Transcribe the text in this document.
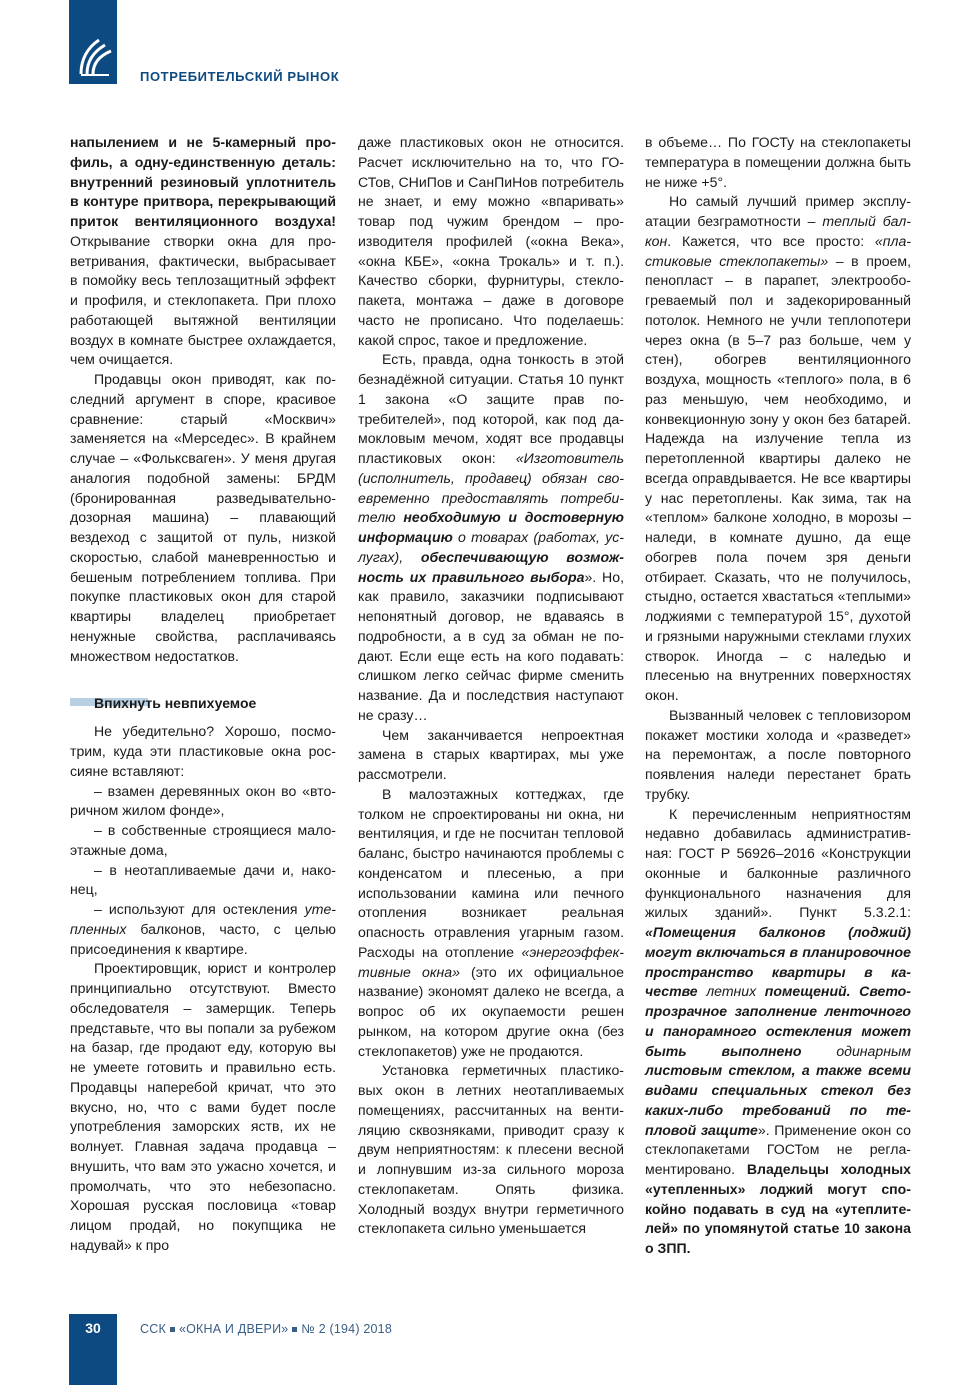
ПОТРЕБИТЕЛЬСКИЙ РЫНОК

напылением и не 5-камерный профиль, а одну-единственную деталь: внутренний резиновый уплотнитель в контуре притвора, перекрывающий приток вентиляционного воздуха! Открывание створки окна для проветривания, фактически, выбрасывает в помойку весь теплозащитный эффект и профиля, и стеклопакета. При плохо работающей вытяжной вентиляции воздух в комнате быстрее охлаждается, чем очищается.

Продавцы окон приводят, как последний аргумент в споре, красивое сравнение: старый «Москвич» заменяется на «Мерседес». В крайнем случае – «Фольксваген». У меня другая аналогия подобной замены: БРДМ (бронированная разведывательно-дозорная машина) – плавающий вездеход с защитой от пуль, низкой скоростью, слабой маневренностью и бешеным потреблением топлива. При покупке пластиковых окон для старой квартиры владелец приобретает ненужные свойства, расплачиваясь множеством недостатков.

Впихнуть невпихуемое

Не убедительно? Хорошо, посмотрим, куда эти пластиковые окна россияне вставляют:

– взамен деревянных окон во «вторичном жилом фонде»,

– в собственные строящиеся малоэтажные дома,

– в неотапливаемые дачи и, наконец,

– используют для остекления утепленных балконов, часто, с целью присоединения к квартире.

Проектировщик, юрист и контролер принципиально отсутствуют. Вместо обследователя – замерщик. Теперь представьте, что вы попали за рубежом на базар, где продают еду, которую вы не умеете готовить и правильно есть. Продавцы наперебой кричат, что это вкусно, но, что с вами будет после употребления заморских яств, их не волнует. Главная задача продавца – внушить, что вам это ужасно хочется, и промолчать, что это небезопасно. Хорошая русская пословица «товар лицом продай, но покупщика не надувай» к про

даже пластиковых окон не относится. Расчет исключительно на то, что ГОСТов, СНиПов и СанПиНов потребитель не знает, и ему можно «впаривать» товар под чужим брендом – производителя профилей («окна Века», «окна КБЕ», «окна Трокаль» и т. п.). Качество сборки, фурнитуры, стеклопакета, монтажа – даже в договоре часто не прописано. Что поделаешь: какой спрос, такое и предложение.

Есть, правда, одна тонкость в этой безнадёжной ситуации. Статья 10 пункт 1 закона «О защите прав потребителей», под которой, как под дамокловым мечом, ходят все продавцы пластиковых окон: «Изготовитель (исполнитель, продавец) обязан своевременно предоставлять потребителю необходимую и достоверную информацию о товарах (работах, услугах), обеспечивающую возможность их правильного выбора». Но, как правило, заказчики подписывают непонятный договор, не вдаваясь в подробности, а в суд за обман не подают. Если еще есть на кого подавать: слишком легко сейчас фирме сменить название. Да и последствия наступают не сразу…

Чем заканчивается непроектная замена в старых квартирах, мы уже рассмотрели.

В малоэтажных коттеджах, где толком не спроектированы ни окна, ни вентиляция, и где не посчитан тепловой баланс, быстро начинаются проблемы с конденсатом и плесенью, а при использовании камина или печного отопления возникает реальная опасность отравления угарным газом. Расходы на отопление «энергоэффективные окна» (это их официальное название) экономят далеко не всегда, а вопрос об их окупаемости решен рынком, на котором другие окна (без стеклопакетов) уже не продаются.

Установка герметичных пластиковых окон в летних неотапливаемых помещениях, рассчитанных на вентиляцию сквозняками, приводит сразу к двум неприятностям: к плесени весной и лопнувшим из-за сильного мороза стеклопакетам. Опять физика. Холодный воздух внутри герметичного стеклопакета сильно уменьшается

в объеме… По ГОСТу на стеклопакеты температура в помещении должна быть не ниже +5°.

Но самый лучший пример эксплуатации безграмотности – теплый балкон. Кажется, что все просто: «пластиковые стеклопакеты» – в проем, пенопласт – в парапет, электрообогреваемый пол и задекорированный потолок. Немного не учли теплопотери через окна (в 5–7 раз больше, чем у стен), обогрев вентиляционного воздуха, мощность «теплого» пола, в 6 раз меньшую, чем необходимо, и конвекционную зону у окон без батарей. Надежда на излучение тепла из перетопленной квартиры далеко не всегда оправдывается. Не все квартиры у нас перетоплены. Как зима, так на «теплом» балконе холодно, в морозы – наледи, в комнате душно, да еще обогрев пола почем зря деньги отбирает. Сказать, что не получилось, стыдно, остается хвастаться «теплыми» лоджиями с температурой 15°, духотой и грязными наружными стеклами глухих створок. Иногда – с наледью и плесенью на внутренних поверхностях окон.

Вызванный человек с тепловизором покажет мостики холода и «разведет» на перемонтаж, а после повторного появления наледи перестанет брать трубку.

К перечисленным неприятностям недавно добавилась административная: ГОСТ Р 56926–2016 «Конструкции оконные и балконные различного функционального назначения для жилых зданий». Пункт 5.3.2.1: «Помещения балконов (лоджий) могут включаться в планировочное пространство квартиры в качестве летних помещений. Светопрозрачное заполнение ленточного и панорамного остекления может быть выполнено одинарным листовым стеклом, а также всеми видами специальных стекол без каких-либо требований по тепловой защите». Применение окон со стеклопакетами ГОСТом не регламентировано. Владельцы холодных «утепленных» лоджий могут спокойно подавать в суд на «утеплителей» по упомянутой статье 10 закона о ЗПП.

30	ССК «ОКНА И ДВЕРИ» № 2 (194) 2018
